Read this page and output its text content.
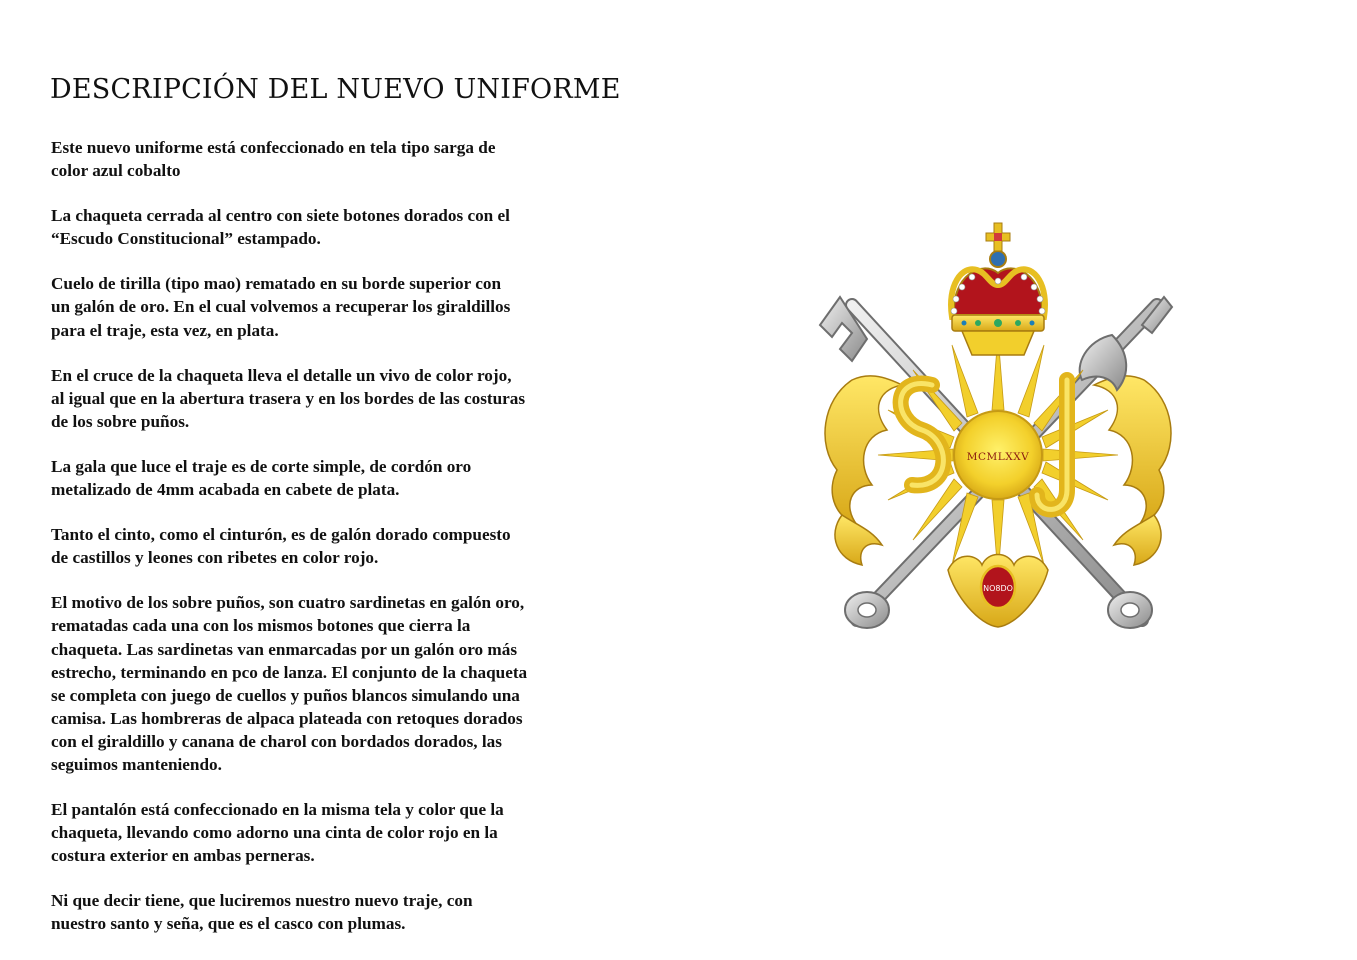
DESCRIPCIÓN DEL NUEVO UNIFORME

Este nuevo uniforme está confeccionado en tela tipo sarga de
color azul cobalto

La chaqueta cerrada al centro con siete botones dorados con el
“Escudo Constitucional” estampado.

Cuelo de tirilla (tipo mao) rematado en su borde superior con
un galón de oro. En el cual volvemos a recuperar los giraldillos
para el traje, esta vez, en plata.

En el cruce de la chaqueta lleva el detalle un vivo de color rojo,
al igual que en la abertura trasera y en los bordes de las costuras
de los sobre puños.

La gala que luce el traje es de corte simple, de cordón oro
metalizado de 4mm acabada en cabete de plata.

Tanto el cinto, como el cinturón, es de galón dorado compuesto
de castillos y leones con ribetes en color rojo.

El motivo de los sobre puños, son cuatro sardinetas en galón oro,
rematadas cada una con los mismos botones que cierra la
chaqueta. Las sardinetas van enmarcadas por un galón oro más
estrecho, terminando en pco de lanza. El conjunto de la chaqueta
se completa con juego de cuellos y puños blancos simulando una
camisa. Las hombreras de alpaca plateada con retoques dorados
con el giraldillo y canana de charol con bordados dorados, las
seguimos manteniendo.

El pantalón está confeccionado en la misma tela y color que la
chaqueta, llevando como adorno una cinta de color rojo en la
costura exterior en ambas perneras.

Ni que decir tiene, que luciremos nuestro nuevo traje, con
nuestro santo y seña, que es el casco con plumas.

MCMLXXV
NO8DO
